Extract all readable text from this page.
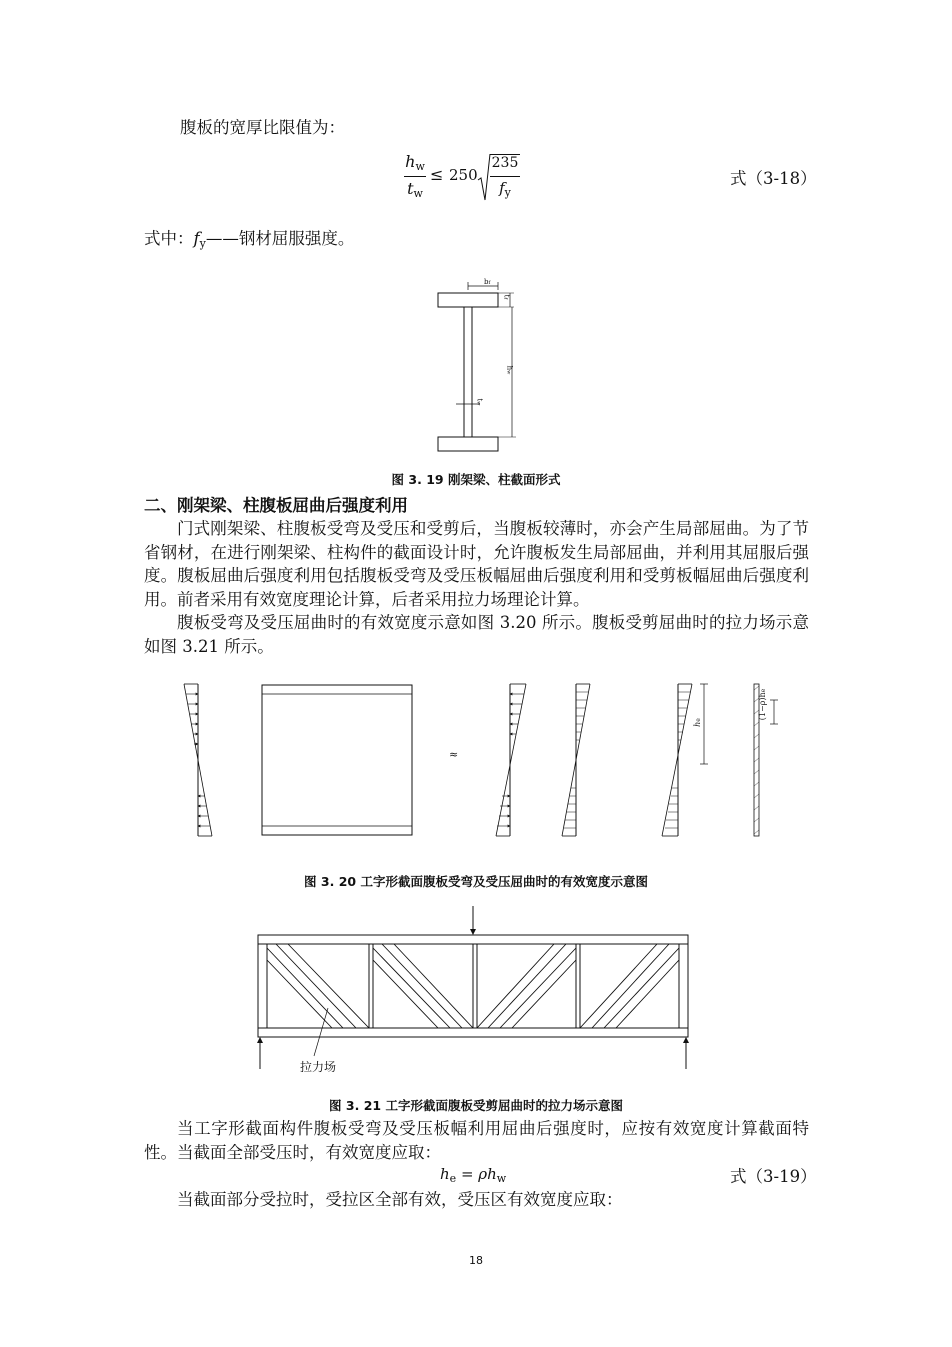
腹板的宽厚比限值为：
$h_w$
$t_w$
≤ 250
235
$f_y$
式（3-18）
式中：$f_y——$钢材屈服强度。
bf
tf
hw
tw
图 3. 19 刚架梁、柱截面形式
二、刚架梁、柱腹板屈曲后强度利用
门式刚架梁、柱腹板受弯及受压和受剪后，当腹板较薄时，亦会产生局部屈曲。为了节省钢材，在进行刚架梁、柱构件的截面设计时，允许腹板发生局部屈曲，并利用其屈服后强度。腹板屈曲后强度利用包括腹板受弯及受压板幅屈曲后强度利用和受剪板幅屈曲后强度利用。前者采用有效宽度理论计算，后者采用拉力场理论计算。
腹板受弯及受压屈曲时的有效宽度示意如图 3.20 所示。腹板受剪屈曲时的拉力场示意如图 3.21 所示。
≈
he	(1−ρ)he
图 3. 20 工字形截面腹板受弯及受压屈曲时的有效宽度示意图
拉力场
图 3. 21 工字形截面腹板受剪屈曲时的拉力场示意图
当工字形截面构件腹板受弯及受压板幅利用屈曲后强度时，应按有效宽度计算截面特性。当截面全部受压时，有效宽度应取：
$h_e = \rho h_w$	式（3-19）
当截面部分受拉时，受拉区全部有效，受压区有效宽度应取：
18
